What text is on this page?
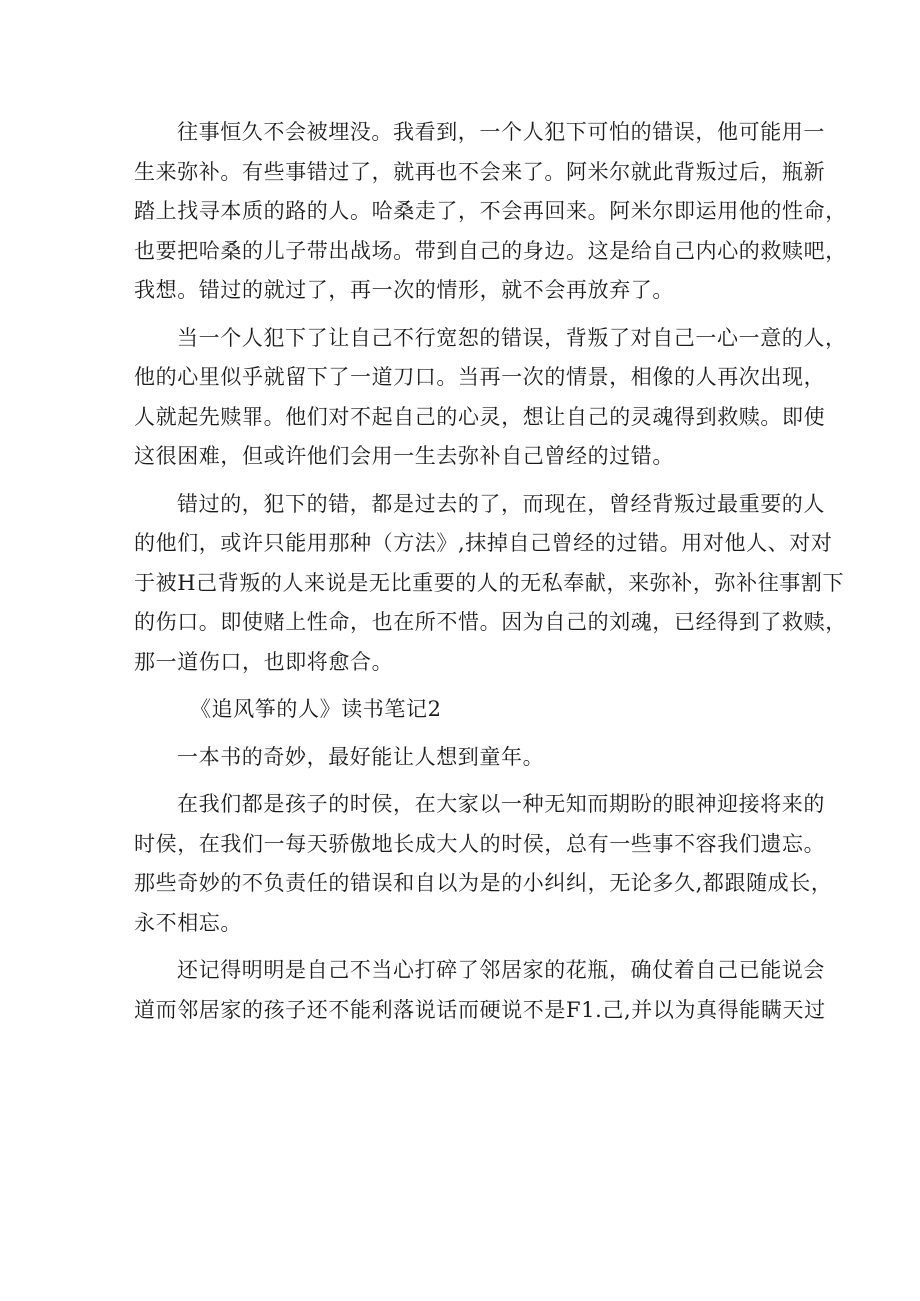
往事恒久不会被埋没。我看到，一个人犯下可怕的错误，他可能用一
生来弥补。有些事错过了，就再也不会来了。阿米尔就此背叛过后，瓶新
踏上找寻本质的路的人。哈桑走了，不会再回来。阿米尔即运用他的性命，
也要把哈桑的儿子带出战场。带到自己的身边。这是给自己内心的救赎吧，
我想。错过的就过了，再一次的情形，就不会再放弃了。

当一个人犯下了让自己不行宽恕的错误，背叛了对自己一心一意的人，
他的心里似乎就留下了一道刀口。当再一次的情景，相像的人再次出现，
人就起先赎罪。他们对不起自己的心灵，想让自己的灵魂得到救赎。即使
这很困难，但或许他们会用一生去弥补自己曾经的过错。

错过的，犯下的错，都是过去的了，而现在，曾经背叛过最重要的人
的他们，或许只能用那种（方法》,抹掉自己曾经的过错。用对他人、对对
于被H己背叛的人来说是无比重要的人的无私奉献，来弥补，弥补往事割下
的伤口。即使赌上性命，也在所不惜。因为自己的刘魂，已经得到了救赎，
那一道伤口，也即将愈合。

《追风筝的人》读书笔记2

一本书的奇妙，最好能让人想到童年。

在我们都是孩子的时侯，在大家以一种无知而期盼的眼神迎接将来的
时侯，在我们一每天骄傲地长成大人的时侯，总有一些事不容我们遗忘。
那些奇妙的不负责任的错误和自以为是的小纠纠，无论多久,都跟随成长，
永不相忘。

还记得明明是自己不当心打碎了邻居家的花瓶，确仗着自己已能说会
道而邻居家的孩子还不能利落说话而硬说不是F1.己,并以为真得能瞒天过
